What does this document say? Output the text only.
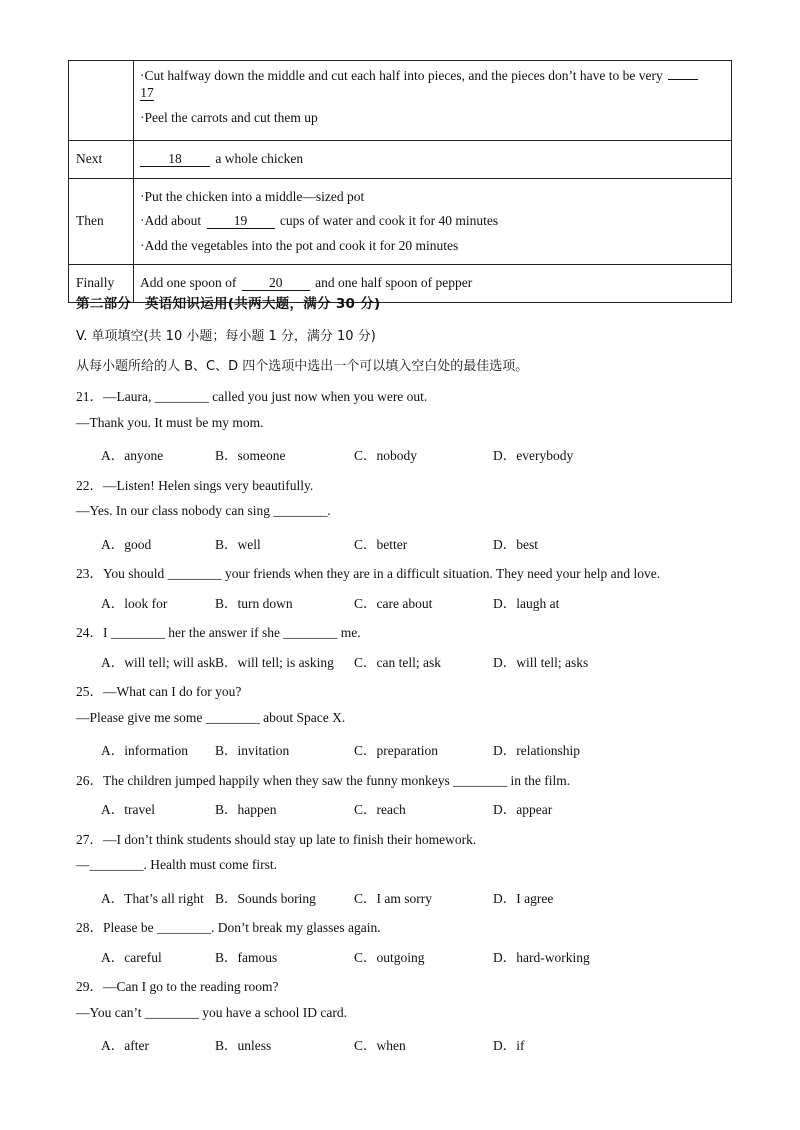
	·Cut halfway down the middle and cut each half into pieces, and the pieces don’t have to be very
17
·Peel the carrots and cut them up

Next	18 a whole chicken

Then	·Put the chicken into a middle—sized pot
·Add about 19 cups of water and cook it for 40 minutes
·Add the vegetables into the pot and cook it for 20 minutes

Finally	Add one spoon of 20 and one half spoon of pepper
第二部分　英语知识运用(共两大题，满分 30 分)
V. 单项填空(共 10 小题；每小题 1 分，满分 10 分)
从每小题所给的人 B、C、D 四个选项中选出一个可以填入空白处的最佳选项。
21．—Laura, ________ called you just now when you were out.
—Thank you. It must be my mom.
A．anyone	B．someone	C．nobody	D．everybody
22．—Listen! Helen sings very beautifully.
—Yes. In our class nobody can sing ________.
A．good	B．well	C．better	D．best
23．You should ________ your friends when they are in a difficult situation. They need your help and love.
A．look for	B．turn down	C．care about	D．laugh at
24．I ________ her the answer if she ________ me.
A．will tell; will ask B．will tell; is asking C．can tell; ask	D．will tell; asks
25．—What can I do for you?
—Please give me some ________ about Space X.
A．information B．invitation	C．preparation	D．relationship
26．The children jumped happily when they saw the funny monkeys ________ in the film.
A．travel	B．happen	C．reach	D．appear
27．—I don’t think students should stay up late to finish their homework.
—________. Health must come first.
A．That’s all right B．Sounds boring	C．I am sorry	D．I agree
28．Please be ________. Don’t break my glasses again.
A．careful	B．famous	C．outgoing	D．hard-working
29．—Can I go to the reading room?
—You can’t ________ you have a school ID card.
A．after	B．unless	C．when	D．if
